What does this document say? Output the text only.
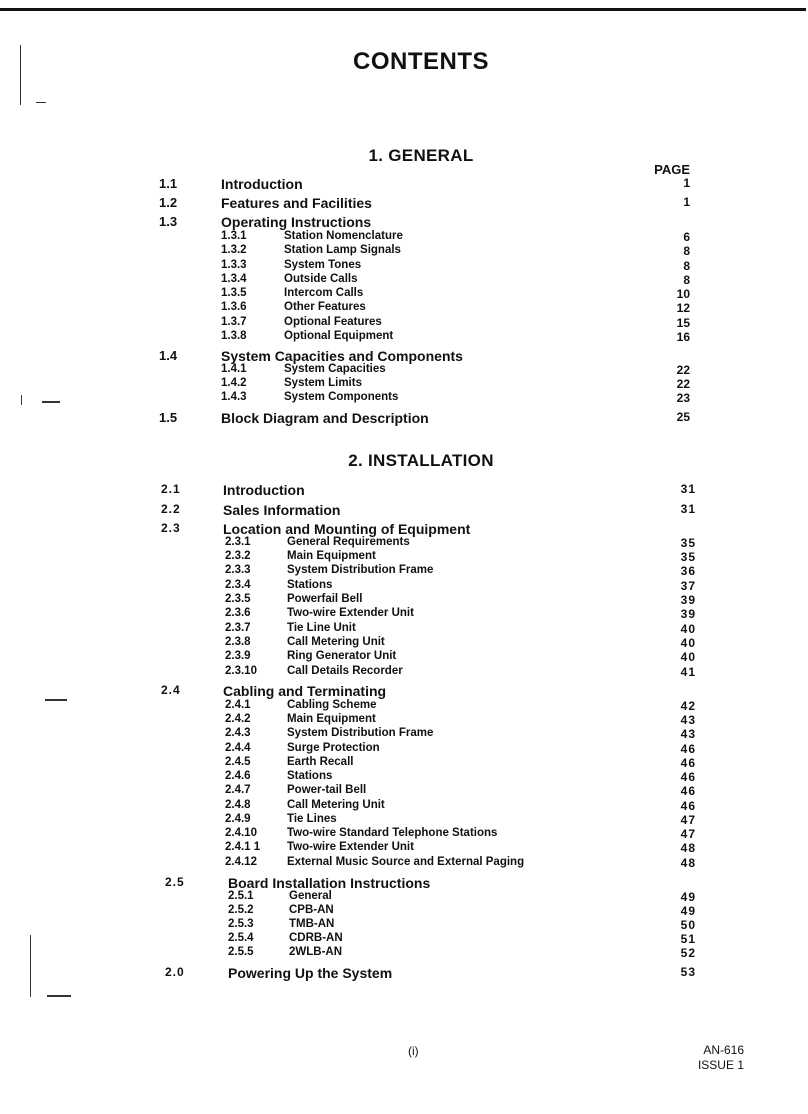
CONTENTS
1. GENERAL
PAGE
1.1	Introduction	1
1.2	Features and Facilities	1
1.3	Operating Instructions
1.3.1	Station Nomenclature	6
1.3.2	Station Lamp Signals	8
1.3.3	System Tones	8
1.3.4	Outside Calls	8
1.3.5	Intercom Calls	10
1.3.6	Other Features	12
1.3.7	Optional Features	15
1.3.8	Optional Equipment	16
1.4	System Capacities and Components
1.4.1	System Capacities	22
1.4.2	System Limits	22
1.4.3	System Components	23
1.5	Block Diagram and Description	25
2. INSTALLATION
2.1	Introduction	31
2.2	Sales Information	31
2.3	Location and Mounting of Equipment
2.3.1	General Requirements	35
2.3.2	Main Equipment	35
2.3.3	System Distribution Frame	36
2.3.4	Stations	37
2.3.5	Powerfail Bell	39
2.3.6	Two-wire Extender Unit	39
2.3.7	Tie Line Unit	40
2.3.8	Call Metering Unit	40
2.3.9	Ring Generator Unit	40
2.3.10	Call Details Recorder	41
2.4	Cabling and Terminating
2.4.1	Cabling Scheme	42
2.4.2	Main Equipment	43
2.4.3	System Distribution Frame	43
2.4.4	Surge Protection	46
2.4.5	Earth Recall	46
2.4.6	Stations	46
2.4.7	Power-tail Bell	46
2.4.8	Call Metering Unit	46
2.4.9	Tie Lines	47
2.4.10	Two-wire Standard Telephone Stations	47
2.4.1 1 Two-wire Extender Unit	48
2.4.12	External Music Source and External Paging	48
2.5	Board Installation Instructions
2.5.1	General	49
2.5.2	CPB-AN	49
2.5.3	TMB-AN	50
2.5.4	CDRB-AN	51
2.5.5	2WLB-AN	52
2.0	Powering Up the System	53
(i)	AN-616
ISSUE 1
